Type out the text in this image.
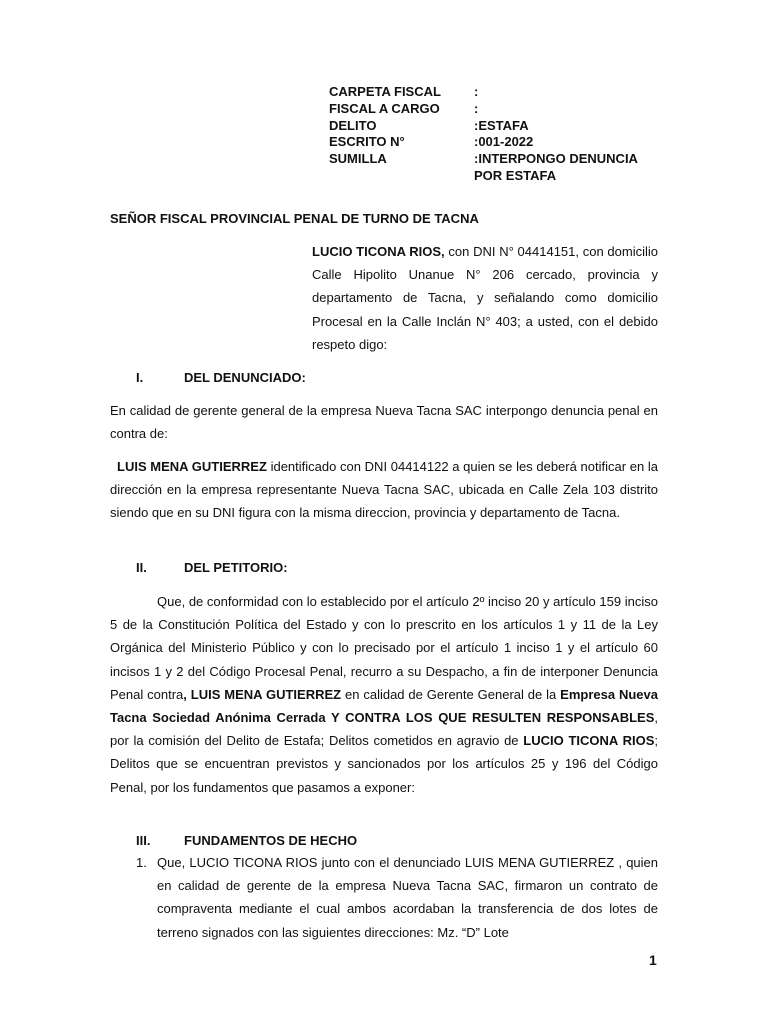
CARPETA FISCAL	:
FISCAL A CARGO	:
DELITO	:ESTAFA
ESCRITO N°	:001-2022
SUMILLA	:INTERPONGO DENUNCIA POR ESTAFA
SEÑOR FISCAL PROVINCIAL PENAL DE TURNO DE TACNA
LUCIO TICONA RIOS, con DNI N° 04414151, con domicilio Calle Hipolito Unanue N° 206 cercado, provincia y departamento de Tacna, y señalando como domicilio Procesal en la Calle Inclán N° 403; a usted, con el debido respeto digo:
I.	DEL DENUNCIADO:
En calidad de gerente general de la empresa Nueva Tacna SAC interpongo denuncia penal en contra de:
LUIS MENA GUTIERREZ identificado con DNI 04414122 a quien se les deberá notificar en la dirección en la empresa representante Nueva Tacna SAC, ubicada en Calle Zela 103 distrito siendo que en su DNI figura con la misma direccion, provincia y departamento de Tacna.
II.	DEL PETITORIO:
Que, de conformidad con lo establecido por el artículo 2º inciso 20 y artículo 159 inciso 5 de la Constitución Política del Estado y con lo prescrito en los artículos 1 y 11 de la Ley Orgánica del Ministerio Público y con lo precisado por el artículo 1 inciso 1 y el artículo 60 incisos 1 y 2 del Código Procesal Penal, recurro a su Despacho, a fin de interponer Denuncia Penal contra, LUIS MENA GUTIERREZ en calidad de Gerente General de la Empresa Nueva Tacna Sociedad Anónima Cerrada Y CONTRA LOS QUE RESULTEN RESPONSABLES, por la comisión del Delito de Estafa; Delitos cometidos en agravio de LUCIO TICONA RIOS; Delitos que se encuentran previstos y sancionados por los artículos 25 y 196 del Código Penal, por los fundamentos que pasamos a exponer:
III.	FUNDAMENTOS DE HECHO
1. Que, LUCIO TICONA RIOS junto con el denunciado LUIS MENA GUTIERREZ , quien en calidad de gerente de la empresa Nueva Tacna SAC, firmaron un contrato de compraventa mediante el cual ambos acordaban la transferencia de dos lotes de terreno signados con las siguientes direcciones: Mz. “D” Lote
1
